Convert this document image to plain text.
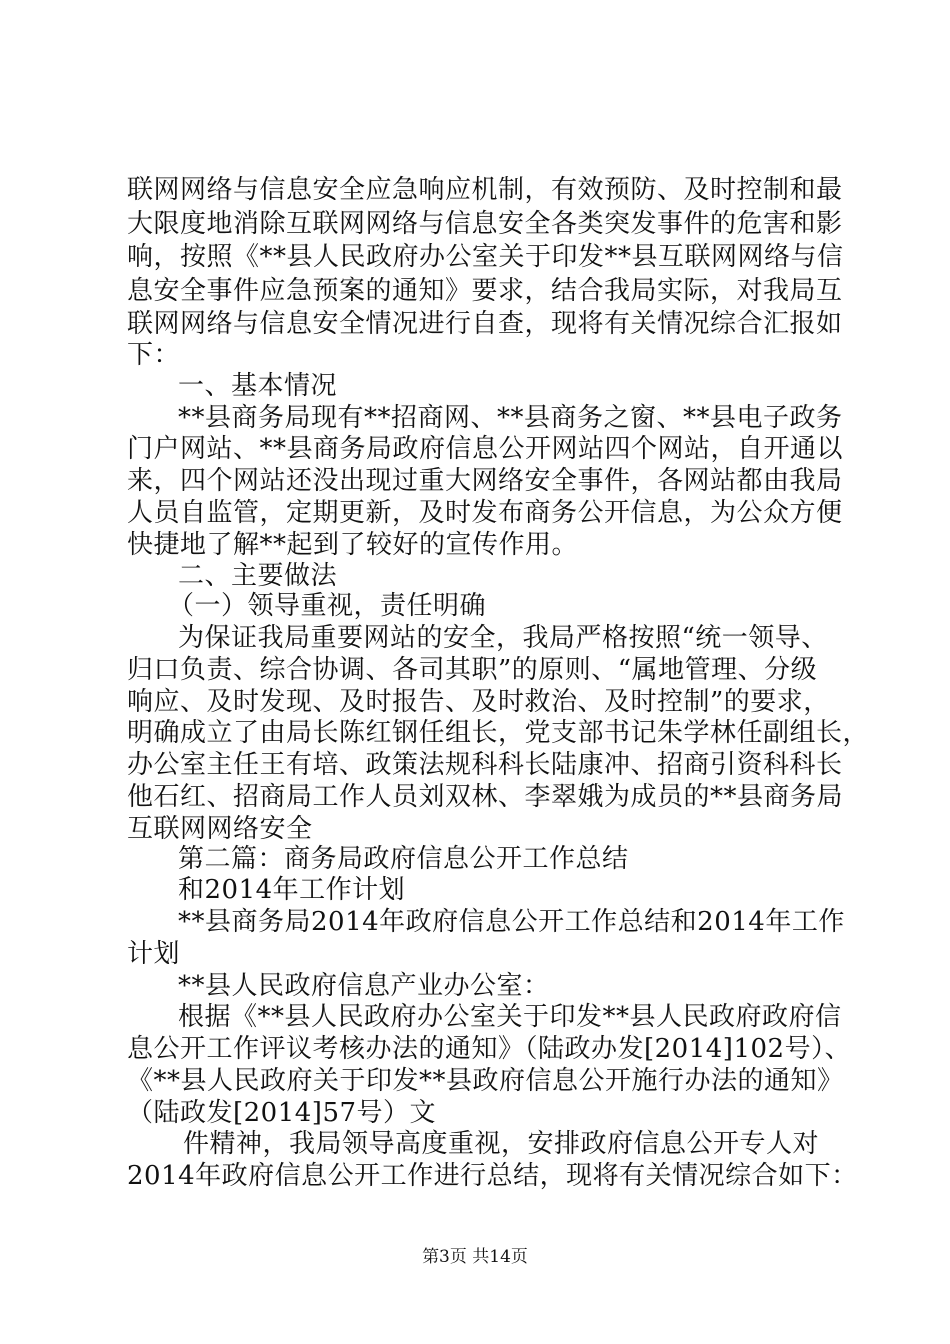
联网网络与信息安全应急响应机制，有效预防、及时控制和最
大限度地消除互联网网络与信息安全各类突发事件的危害和影
响，按照《**县人民政府办公室关于印发**县互联网网络与信
息安全事件应急预案的通知》要求，结合我局实际，对我局互
联网网络与信息安全情况进行自查，现将有关情况综合汇报如
下：
一、基本情况
**县商务局现有**招商网、**县商务之窗、**县电子政务
门户网站、**县商务局政府信息公开网站四个网站，自开通以
来，四个网站还没出现过重大网络安全事件，各网站都由我局
人员自监管，定期更新，及时发布商务公开信息，为公众方便
快捷地了解**起到了较好的宣传作用。
二、主要做法
（一）领导重视，责任明确
为保证我局重要网站的安全，我局严格按照“统一领导、
归口负责、综合协调、各司其职”的原则、“属地管理、分级
响应、及时发现、及时报告、及时救治、及时控制”的要求，
明确成立了由局长陈红钢任组长，党支部书记朱学林任副组长，
办公室主任王有培、政策法规科科长陆康冲、招商引资科科长
他石红、招商局工作人员刘双林、李翠娥为成员的**县商务局
互联网网络安全
第二篇：商务局政府信息公开工作总结
和2014年工作计划
**县商务局2014年政府信息公开工作总结和2014年工作
计划
**县人民政府信息产业办公室：
根据《**县人民政府办公室关于印发**县人民政府政府信
息公开工作评议考核办法的通知》（陆政办发[2014]102号）、
《**县人民政府关于印发**县政府信息公开施行办法的通知》
（陆政发[2014]57号）文
件精神，我局领导高度重视，安排政府信息公开专人对
2014年政府信息公开工作进行总结，现将有关情况综合如下：
第3页 共14页
